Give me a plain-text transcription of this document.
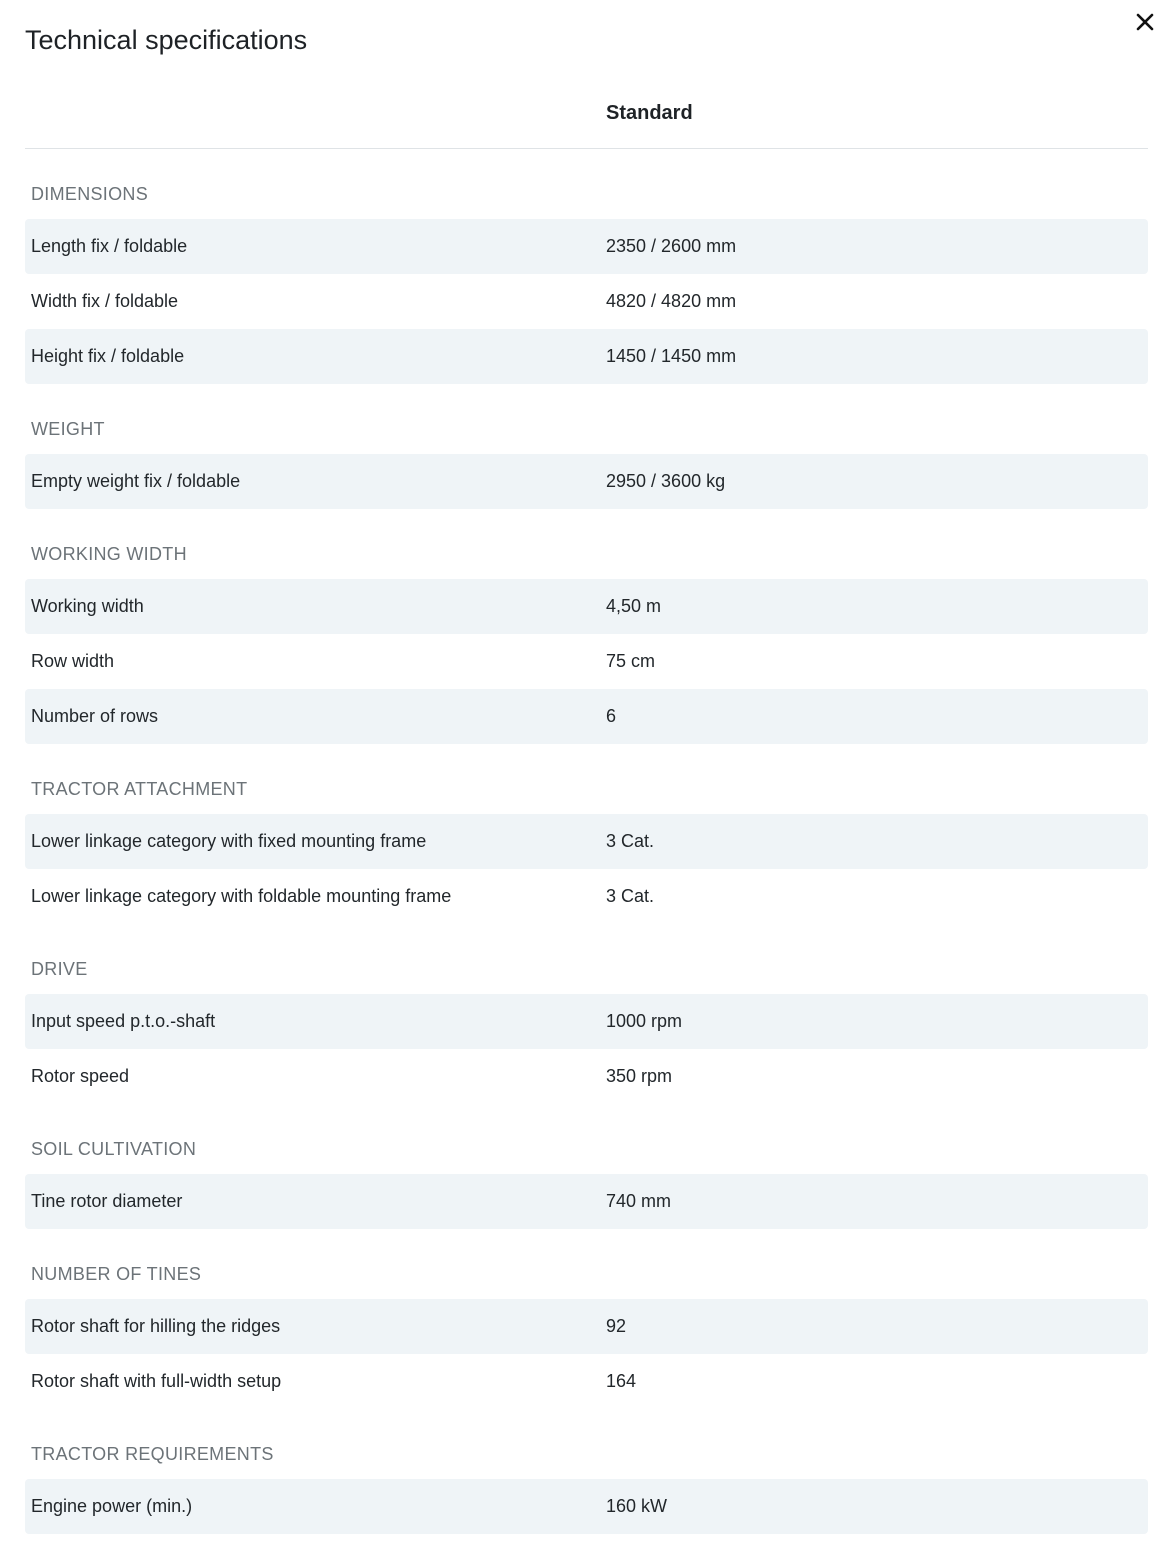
Technical specifications
Standard
DIMENSIONS
Length fix / foldable	2350 / 2600 mm
Width fix / foldable	4820 / 4820 mm
Height fix / foldable	1450 / 1450 mm
WEIGHT
Empty weight fix / foldable	2950 / 3600 kg
WORKING WIDTH
Working width	4,50 m
Row width	75 cm
Number of rows	6
TRACTOR ATTACHMENT
Lower linkage category with fixed mounting frame	3 Cat.
Lower linkage category with foldable mounting frame	3 Cat.
DRIVE
Input speed p.t.o.-shaft	1000 rpm
Rotor speed	350 rpm
SOIL CULTIVATION
Tine rotor diameter	740 mm
NUMBER OF TINES
Rotor shaft for hilling the ridges	92
Rotor shaft with full-width setup	164
TRACTOR REQUIREMENTS
Engine power (min.)	160 kW
